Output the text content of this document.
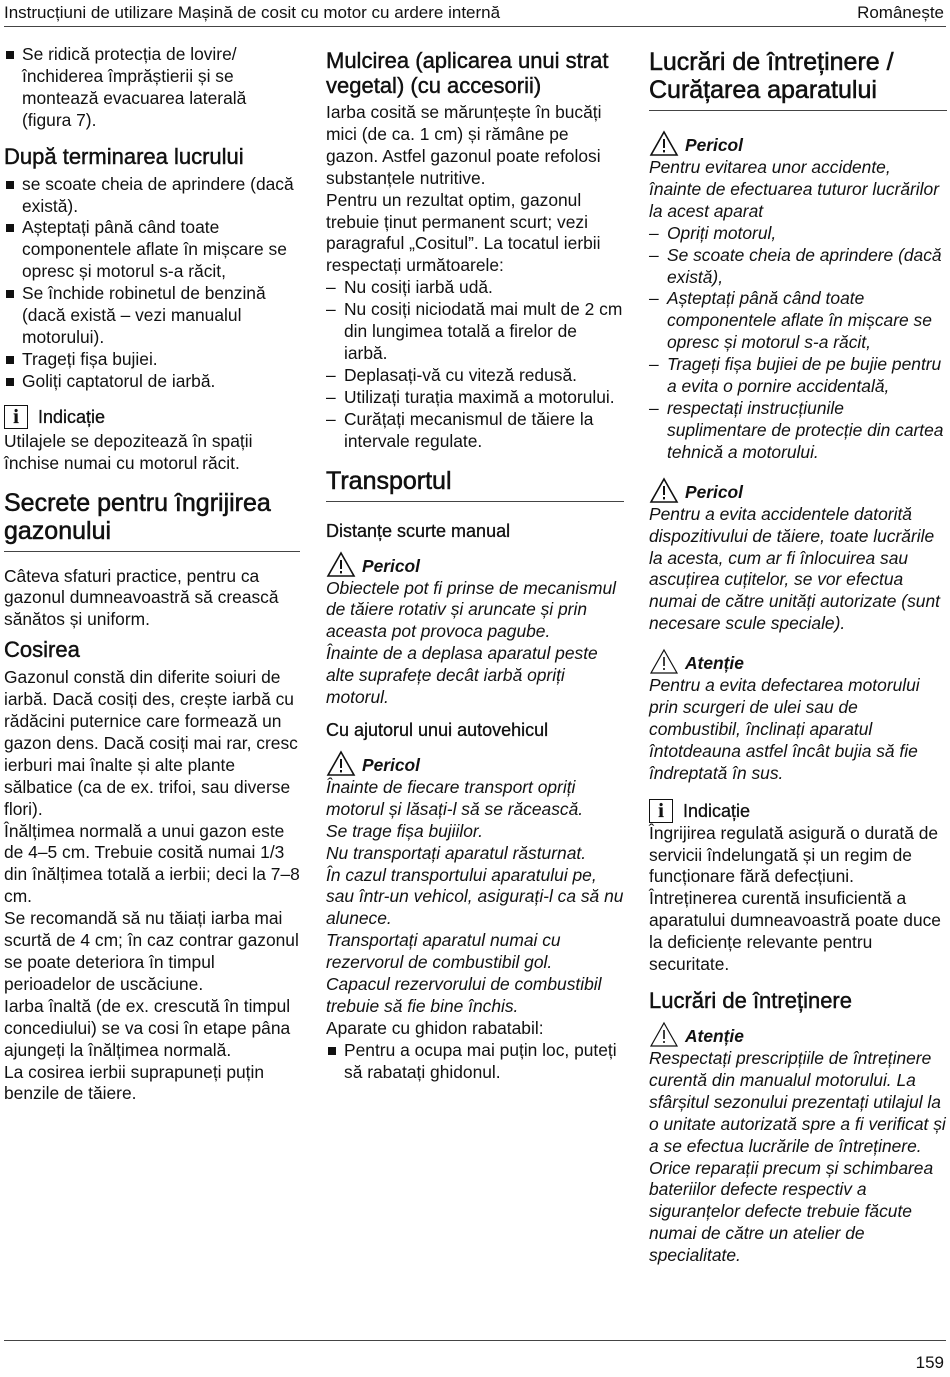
Instrucțiuni de utilizare Mașină de cosit cu motor cu ardere internă	Românește
Se ridică protecția de lovire/ închiderea împrăștierii și se montează evacuarea laterală (figura 7).
După terminarea lucrului
se scoate cheia de aprindere (dacă există).
Așteptați până când toate componentele aflate în mișcare se opresc și motorul s-a răcit,
Se închide robinetul de benzină (dacă există – vezi manualul motorului).
Trageți fișa bujiei.
Goliți captatorul de iarbă.
i	Indicație

Utilajele se depozitează în spații închise numai cu motorul răcit.

Secrete pentru îngrijirea gazonului

Câteva sfaturi practice, pentru ca gazonul dumneavoastră să crească sănătos și uniform.

Cosirea

Gazonul constă din diferite soiuri de iarbă. Dacă cosiți des, crește iarbă cu rădăcini puternice care formează un gazon dens. Dacă cosiți mai rar, cresc ierburi mai înalte și alte plante sălbatice (ca de ex. trifoi, sau diverse flori).

Înălțimea normală a unui gazon este de 4–5 cm. Trebuie cosită numai 1/3 din înălțimea totală a ierbii; deci la 7–8 cm.

Se recomandă să nu tăiați iarba mai scurtă de 4 cm; în caz contrar gazonul se poate deteriora în timpul perioadelor de uscăciune.

Iarba înaltă (de ex. crescută în timpul concediului) se va cosi în etape pâna ajungeți la înălțimea normală.

La cosirea ierbii suprapuneți puțin benzile de tăiere.

Mulcirea (aplicarea unui strat vegetal) (cu accesorii)

Iarba cosită se mărunțește în bucăți mici (de ca. 1 cm) și rămâne pe gazon. Astfel gazonul poate refolosi substanțele nutritive.

Pentru un rezultat optim, gazonul trebuie ținut permanent scurt; vezi paragraful „Cositul”. La tocatul ierbii respectați următoarele:

– Nu cosiți iarbă udă.
– Nu cosiți niciodată mai mult de 2 cm din lungimea totală a firelor de iarbă.
– Deplasați-vă cu viteză redusă.
– Utilizați turația maximă a motorului.
– Curățați mecanismul de tăiere la intervale regulate.
Transportul
Distanțe scurte manual
Pericol

Obiectele pot fi prinse de mecanismul de tăiere rotativ și aruncate și prin aceasta pot provoca pagube.

Înainte de a deplasa aparatul peste alte suprafețe decât iarbă opriți motorul.

Cu ajutorul unui autovehicul
Pericol

Înainte de fiecare transport opriți motorul și lăsați-l să se răcească.

Se trage fișa bujiilor.

Nu transportați aparatul răsturnat.

În cazul transportului aparatului pe, sau într-un vehicol, asigurați-l ca să nu alunece.

Transportați aparatul numai cu rezervorul de combustibil gol.

Capacul rezervorului de combustibil trebuie să fie bine închis.

Aparate cu ghidon rabatabil:

Pentru a ocupa mai puțin loc, puteți să rabatați ghidonul.
Lucrări de întreținere / Curățarea aparatului
Pericol

Pentru evitarea unor accidente, înainte de efectuarea tuturor lucrărilor la acest aparat

– Opriți motorul,
– Se scoate cheia de aprindere (dacă există),
– Așteptați până când toate componentele aflate în mișcare se opresc și motorul s-a răcit,
– Trageți fișa bujiei de pe bujie pentru a evita o pornire accidentală,
– respectați instrucțiunile suplimentare de protecție din cartea tehnică a motorului.
Pericol

Pentru a evita accidentele datorită dispozitivului de tăiere, toate lucrările la acesta, cum ar fi înlocuirea sau ascuțirea cuțitelor, se vor efectua numai de către unități autorizate (sunt necesare scule speciale).

Atenție

Pentru a evita defectarea motorului prin scurgeri de ulei sau de combustibil, înclinați aparatul întotdeauna astfel încât bujia să fie îndreptată în sus.

i	Indicație

Îngrijirea regulată asigură o durată de servicii îndelungată și un regim de funcționare fără defecțiuni.

Întreținerea curentă insuficientă a aparatului dumneavoastră poate duce la deficiențe relevante pentru securitate.

Lucrări de întreținere
Atenție

Respectați prescripțiile de întreținere curentă din manualul motorului. La sfârșitul sezonului prezentați utilajul la o unitate autorizată spre a fi verificat și a se efectua lucrările de întreținere.

Orice reparații precum și schimbarea bateriilor defecte respectiv a siguranțelor defecte trebuie făcute numai de către un atelier de specialitate.

159
